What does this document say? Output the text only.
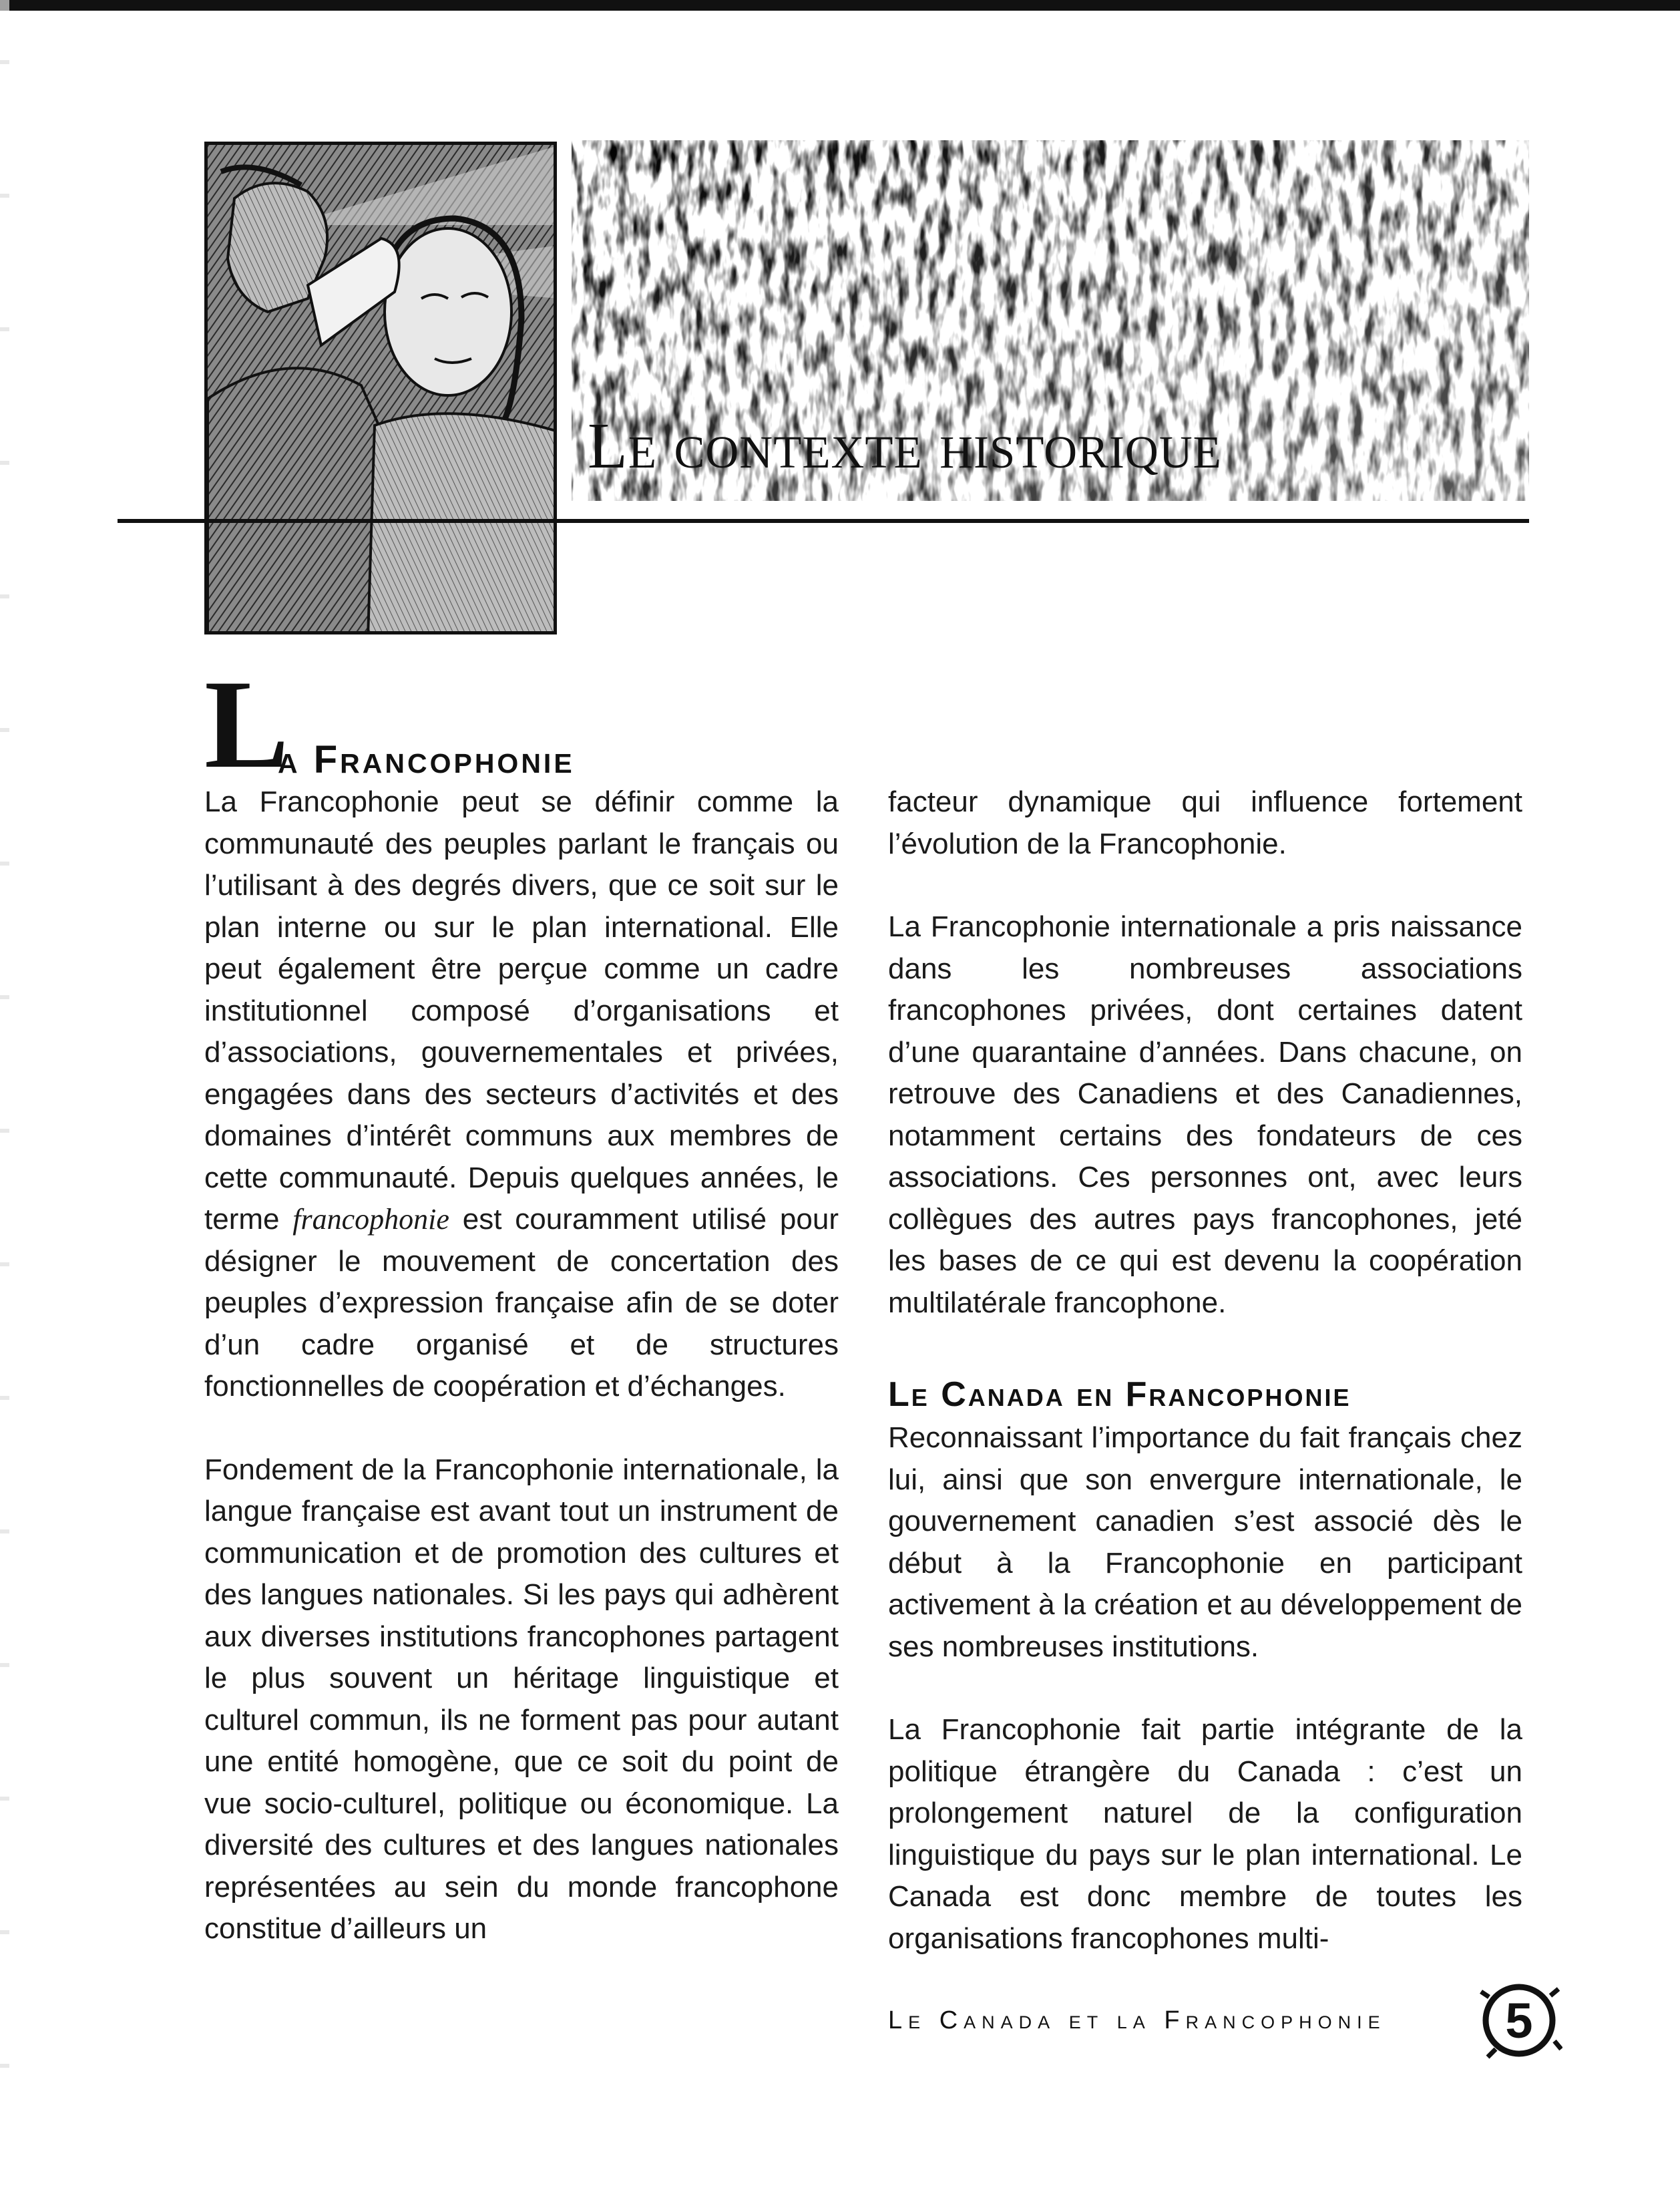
Le contexte historique
L
a Francophonie

La Francophonie peut se définir comme la communauté des peuples parlant le français ou l’utilisant à des degrés divers, que ce soit sur le plan interne ou sur le plan international. Elle peut également être perçue comme un cadre institutionnel composé d’organisations et d’associations, gouvernementales et privées, engagées dans des secteurs d’activités et des domaines d’intérêt communs aux membres de cette communauté. Depuis quelques années, le terme francophonie est couramment utilisé pour désigner le mouvement de concertation des peuples d’expression française afin de se doter d’un cadre organisé et de structures fonctionnelles de coopération et d’échanges.

Fondement de la Francophonie internationale, la langue française est avant tout un instrument de communication et de promotion des cultures et des langues nationales. Si les pays qui adhèrent aux diverses institutions francophones partagent le plus souvent un héritage linguistique et culturel commun, ils ne forment pas pour autant une entité homogène, que ce soit du point de vue socio-culturel, politique ou économique. La diversité des cultures et des langues nationales représentées au sein du monde francophone constitue d’ailleurs un

facteur dynamique qui influence fortement l’évolution de la Francophonie.

La Francophonie internationale a pris naissance dans les nombreuses associations francophones privées, dont certaines datent d’une quarantaine d’années. Dans chacune, on retrouve des Canadiens et des Canadiennes, notamment certains des fondateurs de ces associations. Ces personnes ont, avec leurs collègues des autres pays francophones, jeté les bases de ce qui est devenu la coopération multilatérale francophone.

Le Canada en Francophonie

Reconnaissant l’importance du fait français chez lui, ainsi que son envergure internationale, le gouvernement canadien s’est associé dès le début à la Francophonie en participant activement à la création et au développement de ses nombreuses institutions.

La Francophonie fait partie intégrante de la politique étrangère du Canada : c’est un prolongement naturel de la configuration linguistique du pays sur le plan international. Le Canada est donc membre de toutes les organisations francophones multi-

Le Canada et la Francophonie 5
